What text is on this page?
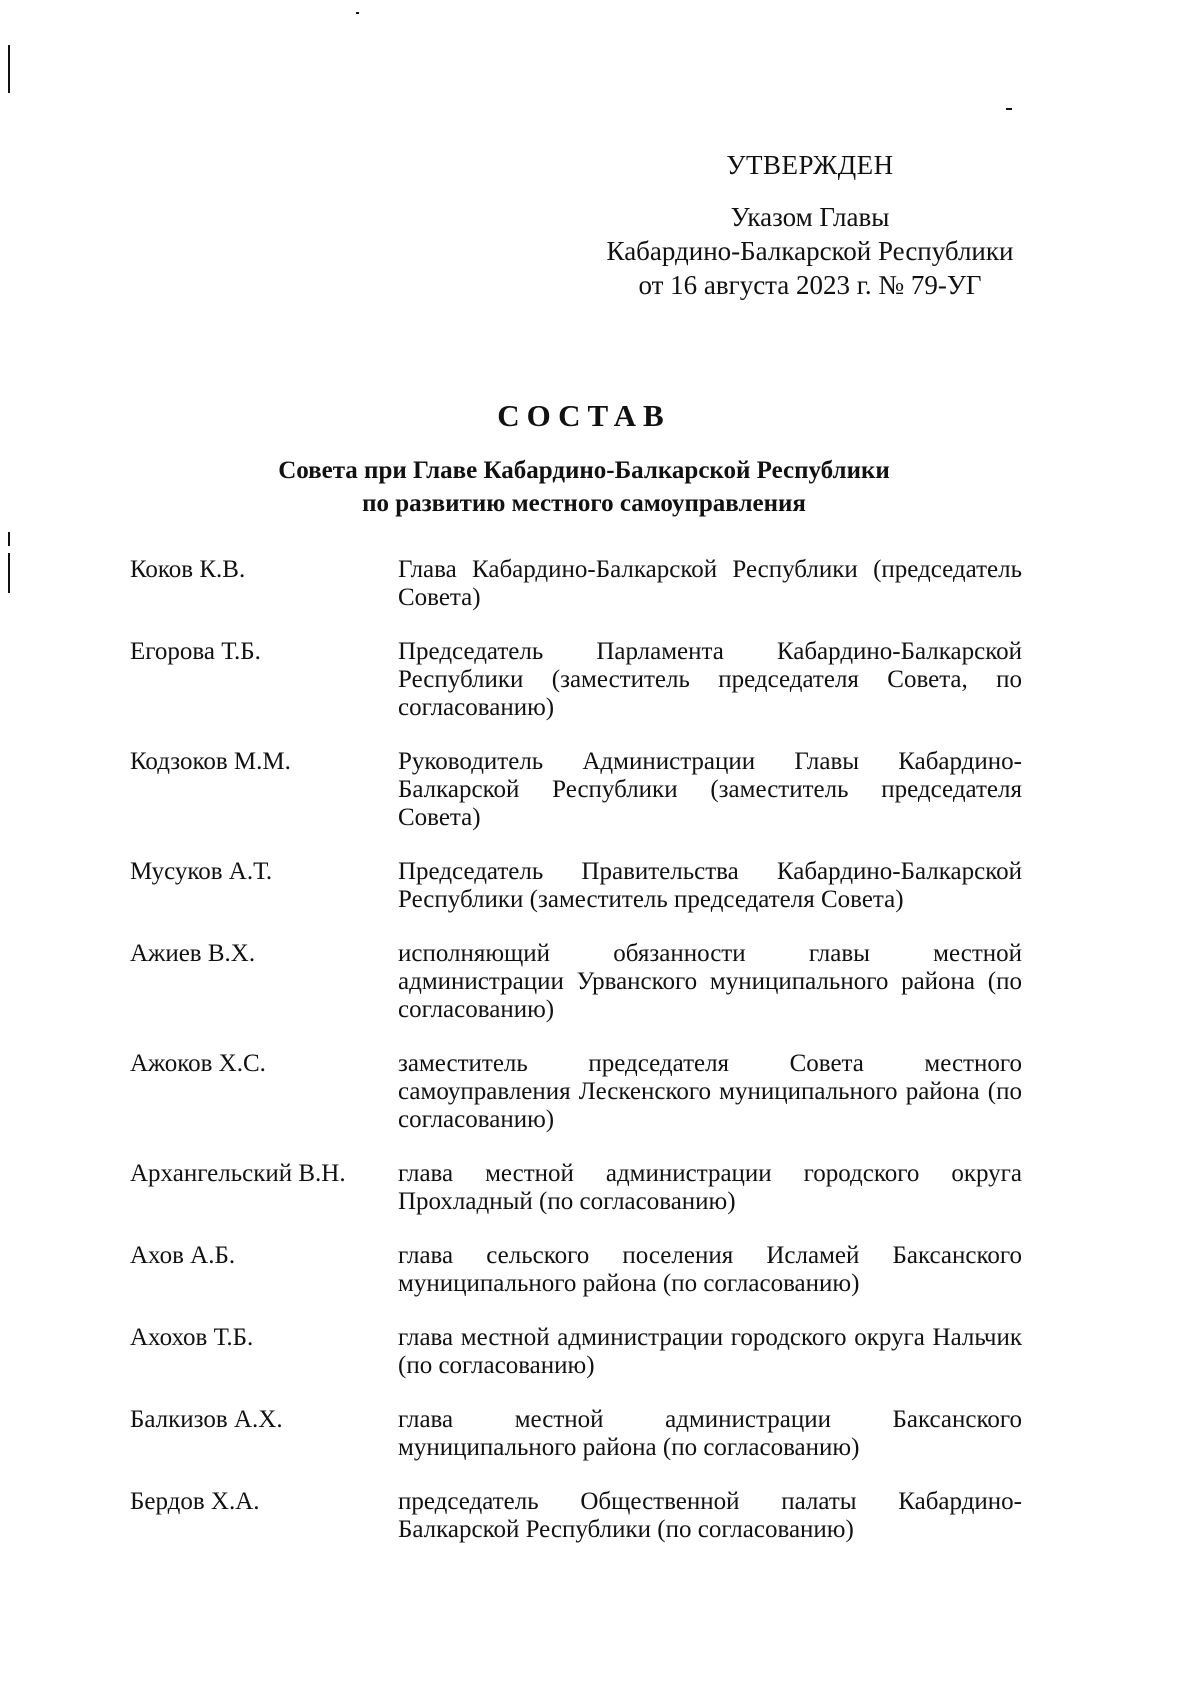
УТВЕРЖДЕН
Указом Главы
Кабардино-Балкарской Республики
от 16 августа 2023 г. № 79-УГ
СОСТАВ
Совета при Главе Кабардино-Балкарской Республики
по развитию местного самоуправления
Коков К.В.	Глава Кабардино-Балкарской Республики (председатель Совета)
Егорова Т.Б.	Председатель Парламента Кабардино-Балкарской Республики (заместитель председателя Совета, по согласованию)
Кодзоков М.М.	Руководитель Администрации Главы Кабардино-Балкарской Республики (заместитель председателя Совета)
Мусуков А.Т.	Председатель Правительства Кабардино-Балкарской Республики (заместитель председателя Совета)
Ажиев В.Х.	исполняющий обязанности главы местной администрации Урванского муниципального района (по согласованию)
Ажоков Х.С.	заместитель председателя Совета местного самоуправления Лескенского муниципального района (по согласованию)
Архангельский В.Н.	глава местной администрации городского округа Прохладный (по согласованию)
Ахов А.Б.	глава сельского поселения Исламей Баксанского муниципального района (по согласованию)
Ахохов Т.Б.	глава местной администрации городского округа Нальчик (по согласованию)
Балкизов А.Х.	глава местной администрации Баксанского муниципального района (по согласованию)
Бердов Х.А.	председатель Общественной палаты Кабардино-Балкарской Республики (по согласованию)
